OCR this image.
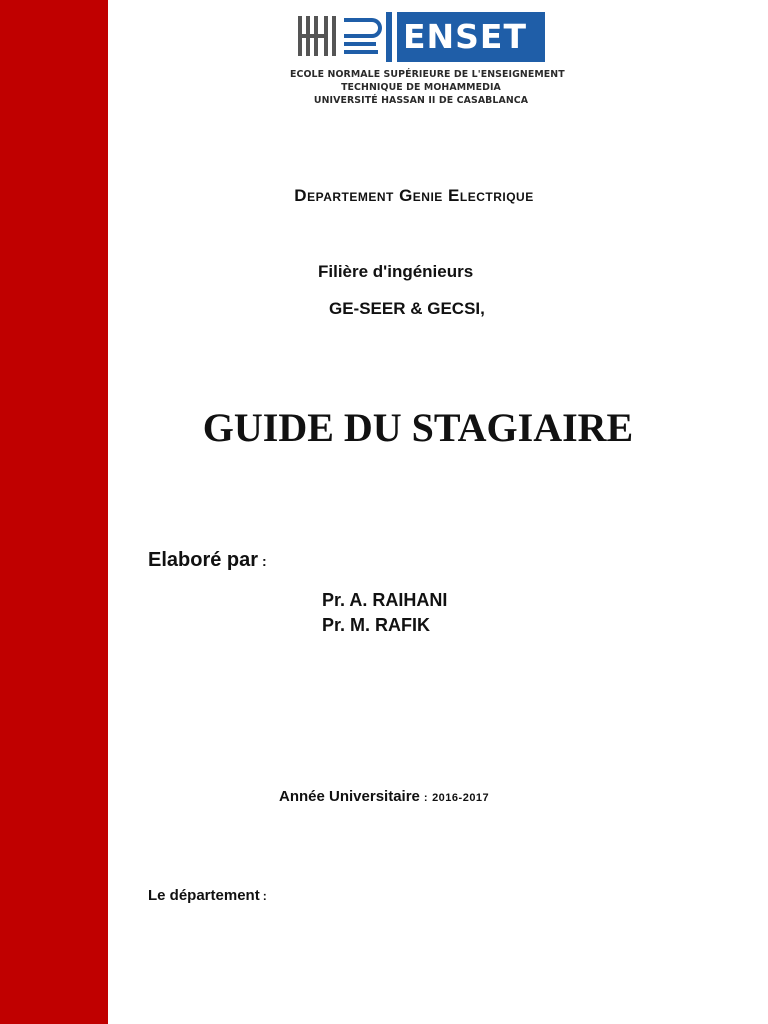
ENSET
ECOLE NORMALE SUPÉRIEURE DE L'ENSEIGNEMENT
TECHNIQUE DE MOHAMMEDIA
UNIVERSITÉ HASSAN II DE CASABLANCA
Departement Genie Electrique
Filière d'ingénieurs
GE-SEER & GECSI,
GUIDE DU STAGIAIRE
Elaboré par :
Pr. A. RAIHANI
Pr. M. RAFIK
Année Universitaire : 2016-2017
Le département :
